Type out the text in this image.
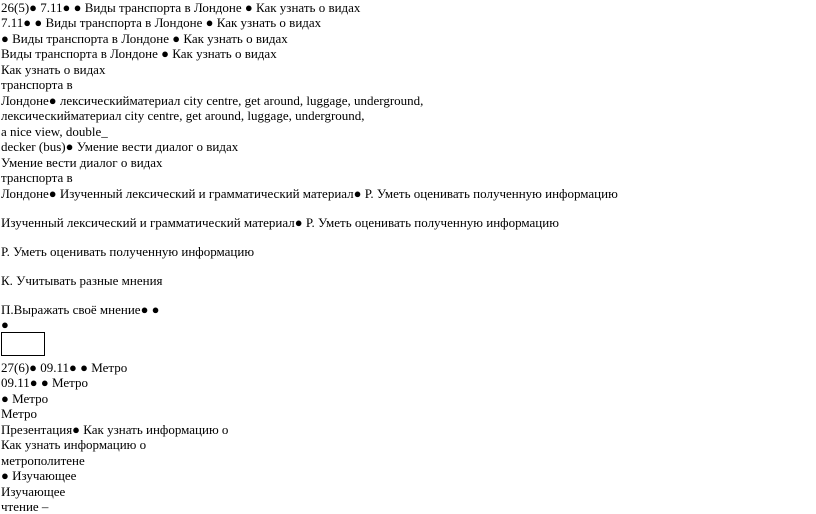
26(5)● 7.11● ● Виды транспорта в Лондоне ● Как узнать о видах
7.11● ● Виды транспорта в Лондоне ● Как узнать о видах
● Виды транспорта в Лондоне ● Как узнать о видах
Виды транспорта в Лондоне ● Как узнать о видах
Как узнать о видах
транспорта в
Лондоне● лексическийматериал city centre, get around, luggage, underground,
лексическийматериал city centre, get around, luggage, underground,
a nice view, double_
decker (bus)● Умение вести диалог о видах
Умение вести диалог о видах
транспорта в
Лондоне● Изученный лексический и грамматический материал● Р. Уметь оценивать полученную информацию
Изученный лексический и грамматический материал● Р. Уметь оценивать полученную информацию
Р. Уметь оценивать полученную информацию
К. Учитывать разные мнения
П.Выражать своё мнение● ●
●
27(6)● 09.11● ● Метро
09.11● ● Метро
● Метро
Метро
Презентация● Как узнать информацию о
Как узнать информацию о
метрополитене
● Изучающее
Изучающее
чтение –
